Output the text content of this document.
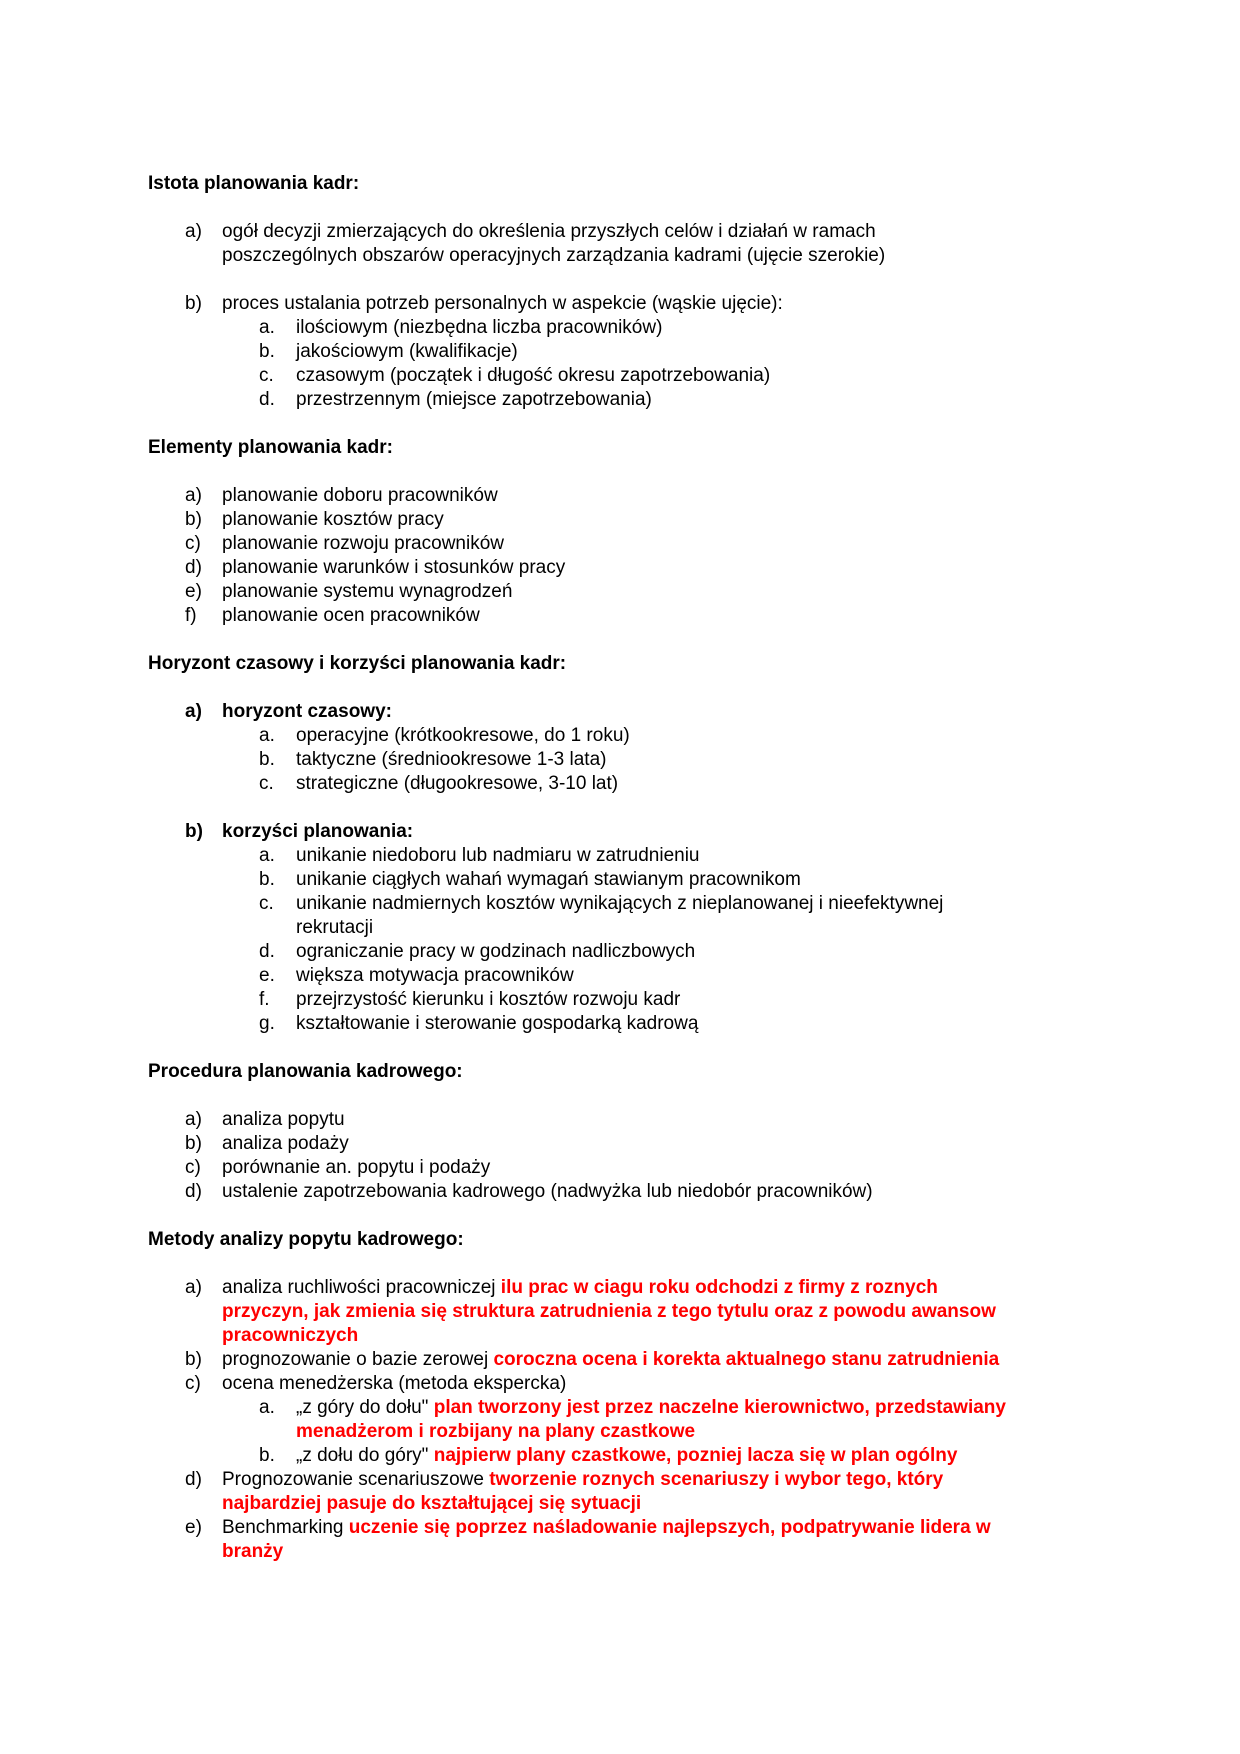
Istota planowania kadr:
a)	ogół decyzji zmierzających do określenia przyszłych celów i działań w ramach
poszczególnych obszarów operacyjnych zarządzania kadrami (ujęcie szerokie)
b)	proces ustalania potrzeb personalnych w aspekcie (wąskie ujęcie):
a.	ilościowym (niezbędna liczba pracowników)
b.	jakościowym (kwalifikacje)
c.	czasowym (początek i długość okresu zapotrzebowania)
d.	przestrzennym (miejsce zapotrzebowania)
Elementy planowania kadr:
a)	planowanie doboru pracowników
b)	planowanie kosztów pracy
c)	planowanie rozwoju pracowników
d)	planowanie warunków i stosunków pracy
e)	planowanie systemu wynagrodzeń
f)	planowanie ocen pracowników
Horyzont czasowy i korzyści planowania kadr:
a)	horyzont czasowy:
a.	operacyjne (krótkookresowe, do 1 roku)
b.	taktyczne (średniookresowe 1-3 lata)
c.	strategiczne (długookresowe, 3-10 lat)
b)	korzyści planowania:
a.	unikanie niedoboru lub nadmiaru w zatrudnieniu
b.	unikanie ciągłych wahań wymagań stawianym pracownikom
c.	unikanie nadmiernych kosztów wynikających z nieplanowanej i nieefektywnej
rekrutacji
d.	ograniczanie pracy w godzinach nadliczbowych
e.	większa motywacja pracowników
f.	przejrzystość kierunku i kosztów rozwoju kadr
g.	kształtowanie i sterowanie gospodarką kadrową
Procedura planowania kadrowego:
a)	analiza popytu
b)	analiza podaży
c)	porównanie an. popytu i podaży
d)	ustalenie zapotrzebowania kadrowego (nadwyżka lub niedobór pracowników)
Metody analizy popytu kadrowego:
a)	analiza ruchliwości pracowniczej ilu prac w ciagu roku odchodzi z firmy z roznych
przyczyn, jak zmienia się struktura zatrudnienia z tego tytulu oraz z powodu awansow
pracowniczych
b)	prognozowanie o bazie zerowej coroczna ocena i korekta aktualnego stanu zatrudnienia
c)	ocena menedżerska (metoda ekspercka)
a.	„z góry do dołu" plan tworzony jest przez naczelne kierownictwo, przedstawiany
menadżerom i rozbijany na plany czastkowe
b.	„z dołu do góry" najpierw plany czastkowe, pozniej lacza się w plan ogólny
d)	Prognozowanie scenariuszowe tworzenie roznych scenariuszy i wybor tego, który
najbardziej pasuje do kształtującej się sytuacji
e)	Benchmarking uczenie się poprzez naśladowanie najlepszych, podpatrywanie lidera w
branży
